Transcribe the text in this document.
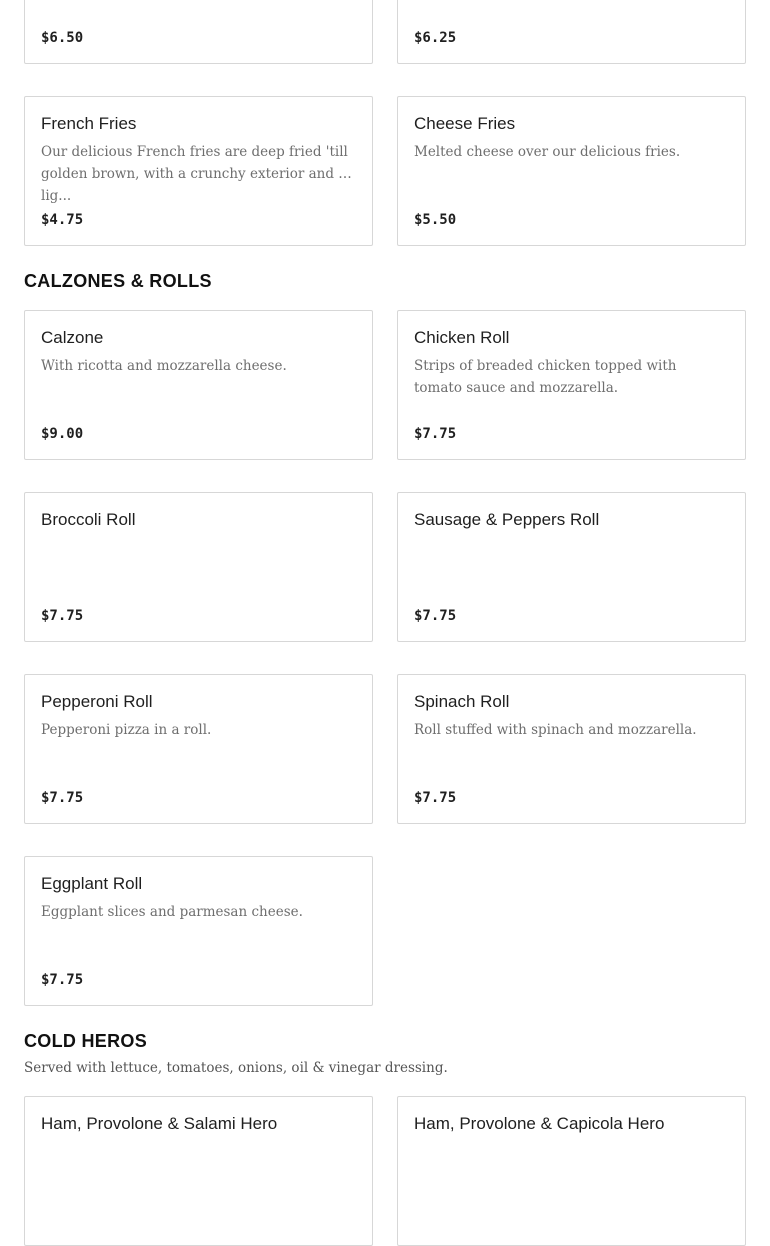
$6.50	$6.25
French Fries
Our delicious French fries are deep fried 'till golden brown, with a crunchy exterior and a lig...
$4.75
Cheese Fries
Melted cheese over our delicious fries.
$5.50
CALZONES & ROLLS
Calzone
With ricotta and mozzarella cheese.
$9.00
Chicken Roll
Strips of breaded chicken topped with tomato sauce and mozzarella.
$7.75
Broccoli Roll
$7.75
Sausage & Peppers Roll
$7.75
Pepperoni Roll
Pepperoni pizza in a roll.
$7.75
Spinach Roll
Roll stuffed with spinach and mozzarella.
$7.75
Eggplant Roll
Eggplant slices and parmesan cheese.
$7.75
COLD HEROS

Served with lettuce, tomatoes, onions, oil & vinegar dressing.

Ham, Provolone & Salami Hero	Ham, Provolone & Capicola Hero
